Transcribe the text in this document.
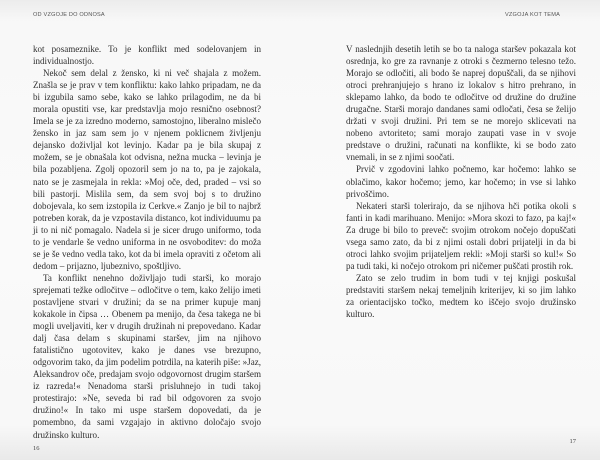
OD VZGOJE DO ODNOSA

kot posameznike. To je konflikt med sodelovanjem in individualnostjo.

Nekoč sem delal z žensko, ki ni več shajala z možem. Znašla se je prav v tem konfliktu: kako lahko pripadam, ne da bi izgubila samo sebe, kako se lahko prilagodim, ne da bi morala opustiti vse, kar predstavlja mojo resnično osebnost? Imela se je za izredno moderno, samostojno, liberalno mislečo žensko in jaz sam sem jo v njenem poklicnem življenju dejansko doživljal kot levinjo. Kadar pa je bila skupaj z možem, se je obnašala kot odvisna, nežna mucka – levinja je bila pozabljena. Zgolj opozoril sem jo na to, pa je zajokala, nato se je zasmejala in rekla: »Moj oče, ded, praded – vsi so bili pastorji. Mislila sem, da sem svoj boj s to družino dobojevala, ko sem izstopila iz Cerkve.« Zanjo je bil to najbrž potreben korak, da je vzpostavila distanco, kot individuumu pa ji to ni nič pomagalo. Nadela si je sicer drugo uniformo, toda to je vendarle še vedno uniforma in ne osvoboditev: do moža se je še vedno vedla tako, kot da bi imela opraviti z očetom ali dedom – prijazno, ljubeznivo, spoštljivo.

Ta konflikt nenehno doživljajo tudi starši, ko morajo sprejemati težke odločitve – odločitve o tem, kako želijo imeti postavljene stvari v družini; da se na primer kupuje manj kokakole in čipsa … Obenem pa menijo, da česa takega ne bi mogli uveljaviti, ker v drugih družinah ni prepovedano. Kadar dalj časa delam s skupinami staršev, jim na njihovo fatalistično ugotovitev, kako je danes vse brezupno, odgovorim tako, da jim podelim potrdila, na katerih piše: »Jaz, Aleksandrov oče, predajam svojo odgovornost drugim staršem iz razreda!« Nenadoma starši prisluhnejo in tudi takoj protestirajo: »Ne, seveda bi rad bil odgovoren za svojo družino!« In tako mi uspe staršem dopovedati, da je pomembno, da sami vzgajajo in aktivno določajo svojo družinsko kulturo.

16
VZGOJA KOT TEMA

V naslednjih desetih letih se bo ta naloga staršev pokazala kot osrednja, ko gre za ravnanje z otroki s čezmerno telesno težo. Morajo se odločiti, ali bodo še naprej dopuščali, da se njihovi otroci prehranjujejo s hrano iz lokalov s hitro prehrano, in sklepamo lahko, da bodo te odločitve od družine do družine drugačne. Starši morajo dandanes sami odločati, česa se želijo držati v svoji družini. Pri tem se ne morejo sklicevati na nobeno avtoriteto; sami morajo zaupati vase in v svoje predstave o družini, računati na konflikte, ki se bodo zato vnemali, in se z njimi soočati.

Prvič v zgodovini lahko počnemo, kar hočemo: lahko se oblačimo, kakor hočemo; jemo, kar hočemo; in vse si lahko privoščimo.

Nekateri starši tolerirajo, da se njihova hči potika okoli s fanti in kadi marihuano. Menijo: »Mora skozi to fazo, pa kaj!« Za druge bi bilo to preveč: svojim otrokom nočejo dopuščati vsega samo zato, da bi z njimi ostali dobri prijatelji in da bi otroci lahko svojim prijateljem rekli: »Moji starši so kul!« So pa tudi taki, ki nočejo otrokom pri ničemer puščati prostih rok.

Zato se zelo trudim in bom tudi v tej knjigi poskušal predstaviti staršem nekaj temeljnih kriterijev, ki so jim lahko za orientacijsko točko, medtem ko iščejo svojo družinsko kulturo.

17
